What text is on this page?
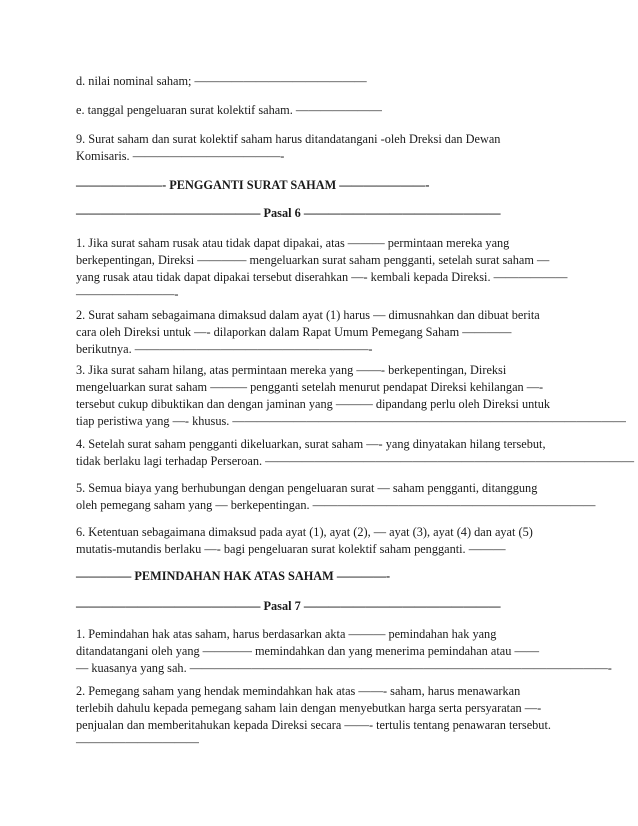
d. nilai nominal saham; ——————————————
e. tanggal pengeluaran surat kolektif saham. ———————
9. Surat saham dan surat kolektif saham harus ditandatangani -oleh Dreksi dan Dewan
Komisaris. ————————————-
———————- PENGGANTI SURAT SAHAM ———————-
——————————————— Pasal 6 ————————————————
1. Jika surat saham rusak atau tidak dapat dipakai, atas ——— permintaan mereka yang
berkepentingan, Direksi ———— mengeluarkan surat saham pengganti, setelah surat saham —
yang rusak atau tidak dapat dipakai tersebut diserahkan —- kembali kepada Direksi. ——————
————————-
2. Surat saham sebagaimana dimaksud dalam ayat (1) harus — dimusnahkan dan dibuat berita
cara oleh Direksi untuk —- dilaporkan dalam Rapat Umum Pemegang Saham ————
berikutnya. ———————————————————-
3. Jika surat saham hilang, atas permintaan mereka yang ——- berkepentingan, Direksi
mengeluarkan surat saham ——— pengganti setelah menurut pendapat Direksi kehilangan —-
tersebut cukup dibuktikan dan dengan jaminan yang ——— dipandang perlu oleh Direksi untuk
tiap peristiwa yang —- khusus. ————————————————————————————————
4. Setelah surat saham pengganti dikeluarkan, surat saham —- yang dinyatakan hilang tersebut,
tidak berlaku lagi terhadap Perseroan. ——————————————————————————————
5. Semua biaya yang berhubungan dengan pengeluaran surat — saham pengganti, ditanggung
oleh pemegang saham yang — berkepentingan. ———————————————————————
6. Ketentuan sebagaimana dimaksud pada ayat (1), ayat (2), — ayat (3), ayat (4) dan ayat (5)
mutatis-mutandis berlaku —- bagi pengeluaran surat kolektif saham pengganti. ———
——–—— PEMINDAHAN HAK ATAS SAHAM ————-
——————————————— Pasal 7 ————————————————
1. Pemindahan hak atas saham, harus berdasarkan akta ——— pemindahan hak yang
ditandatangani oleh yang ———— memindahkan dan yang menerima pemindahan atau ——
— kuasanya yang sah. ——————————————————————————————————-
2. Pemegang saham yang hendak memindahkan hak atas ——- saham, harus menawarkan
terlebih dahulu kepada pemegang saham lain dengan menyebutkan harga serta persyaratan —-
penjualan dan memberitahukan kepada Direksi secara ——- tertulis tentang penawaran tersebut.
——————————
